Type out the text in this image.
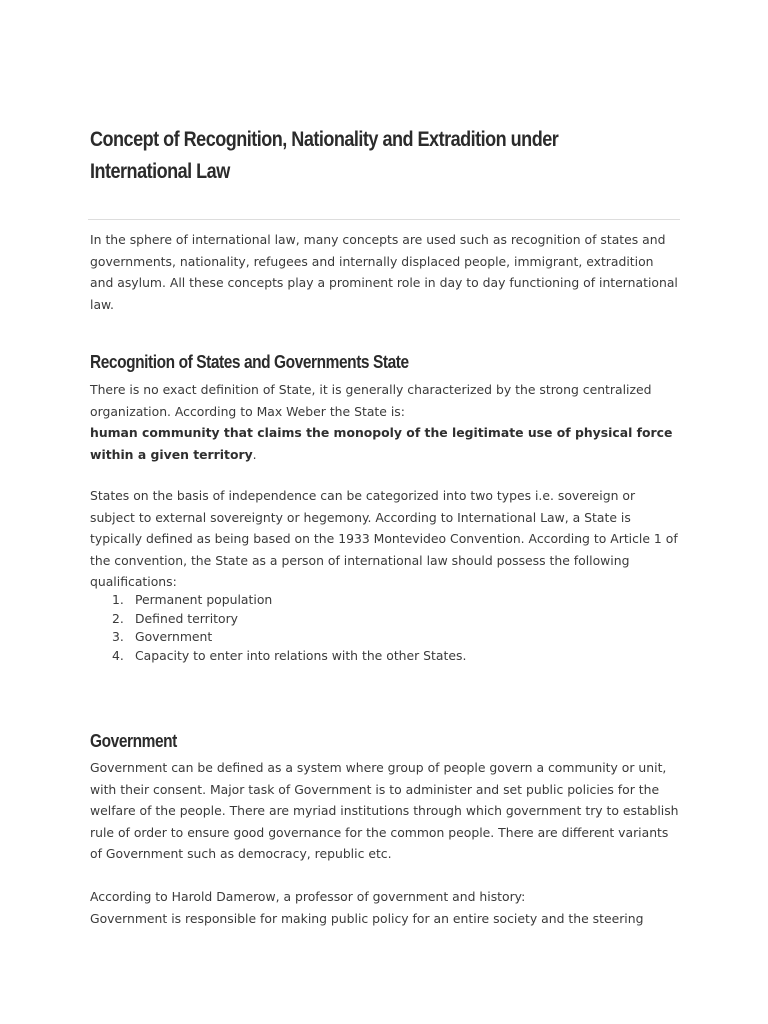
Concept of Recognition, Nationality and Extradition under International Law

In the sphere of international law, many concepts are used such as recognition of states and governments, nationality, refugees and internally displaced people, immigrant, extradition and asylum. All these concepts play a prominent role in day to day functioning of international law.

Recognition of States and Governments State

There is no exact definition of State, it is generally characterized by the strong centralized organization. According to Max Weber the State is:
human community that claims the monopoly of the legitimate use of physical force within a given territory.

States on the basis of independence can be categorized into two types i.e. sovereign or subject to external sovereignty or hegemony. According to International Law, a State is typically defined as being based on the 1933 Montevideo Convention. According to Article 1 of the convention, the State as a person of international law should possess the following qualifications:

1. Permanent population
2. Defined territory
3. Government
4. Capacity to enter into relations with the other States.
Government

Government can be defined as a system where group of people govern a community or unit, with their consent. Major task of Government is to administer and set public policies for the welfare of the people. There are myriad institutions through which government try to establish rule of order to ensure good governance for the common people. There are different variants of Government such as democracy, republic etc.

According to Harold Damerow, a professor of government and history:
Government is responsible for making public policy for an entire society and the steering
